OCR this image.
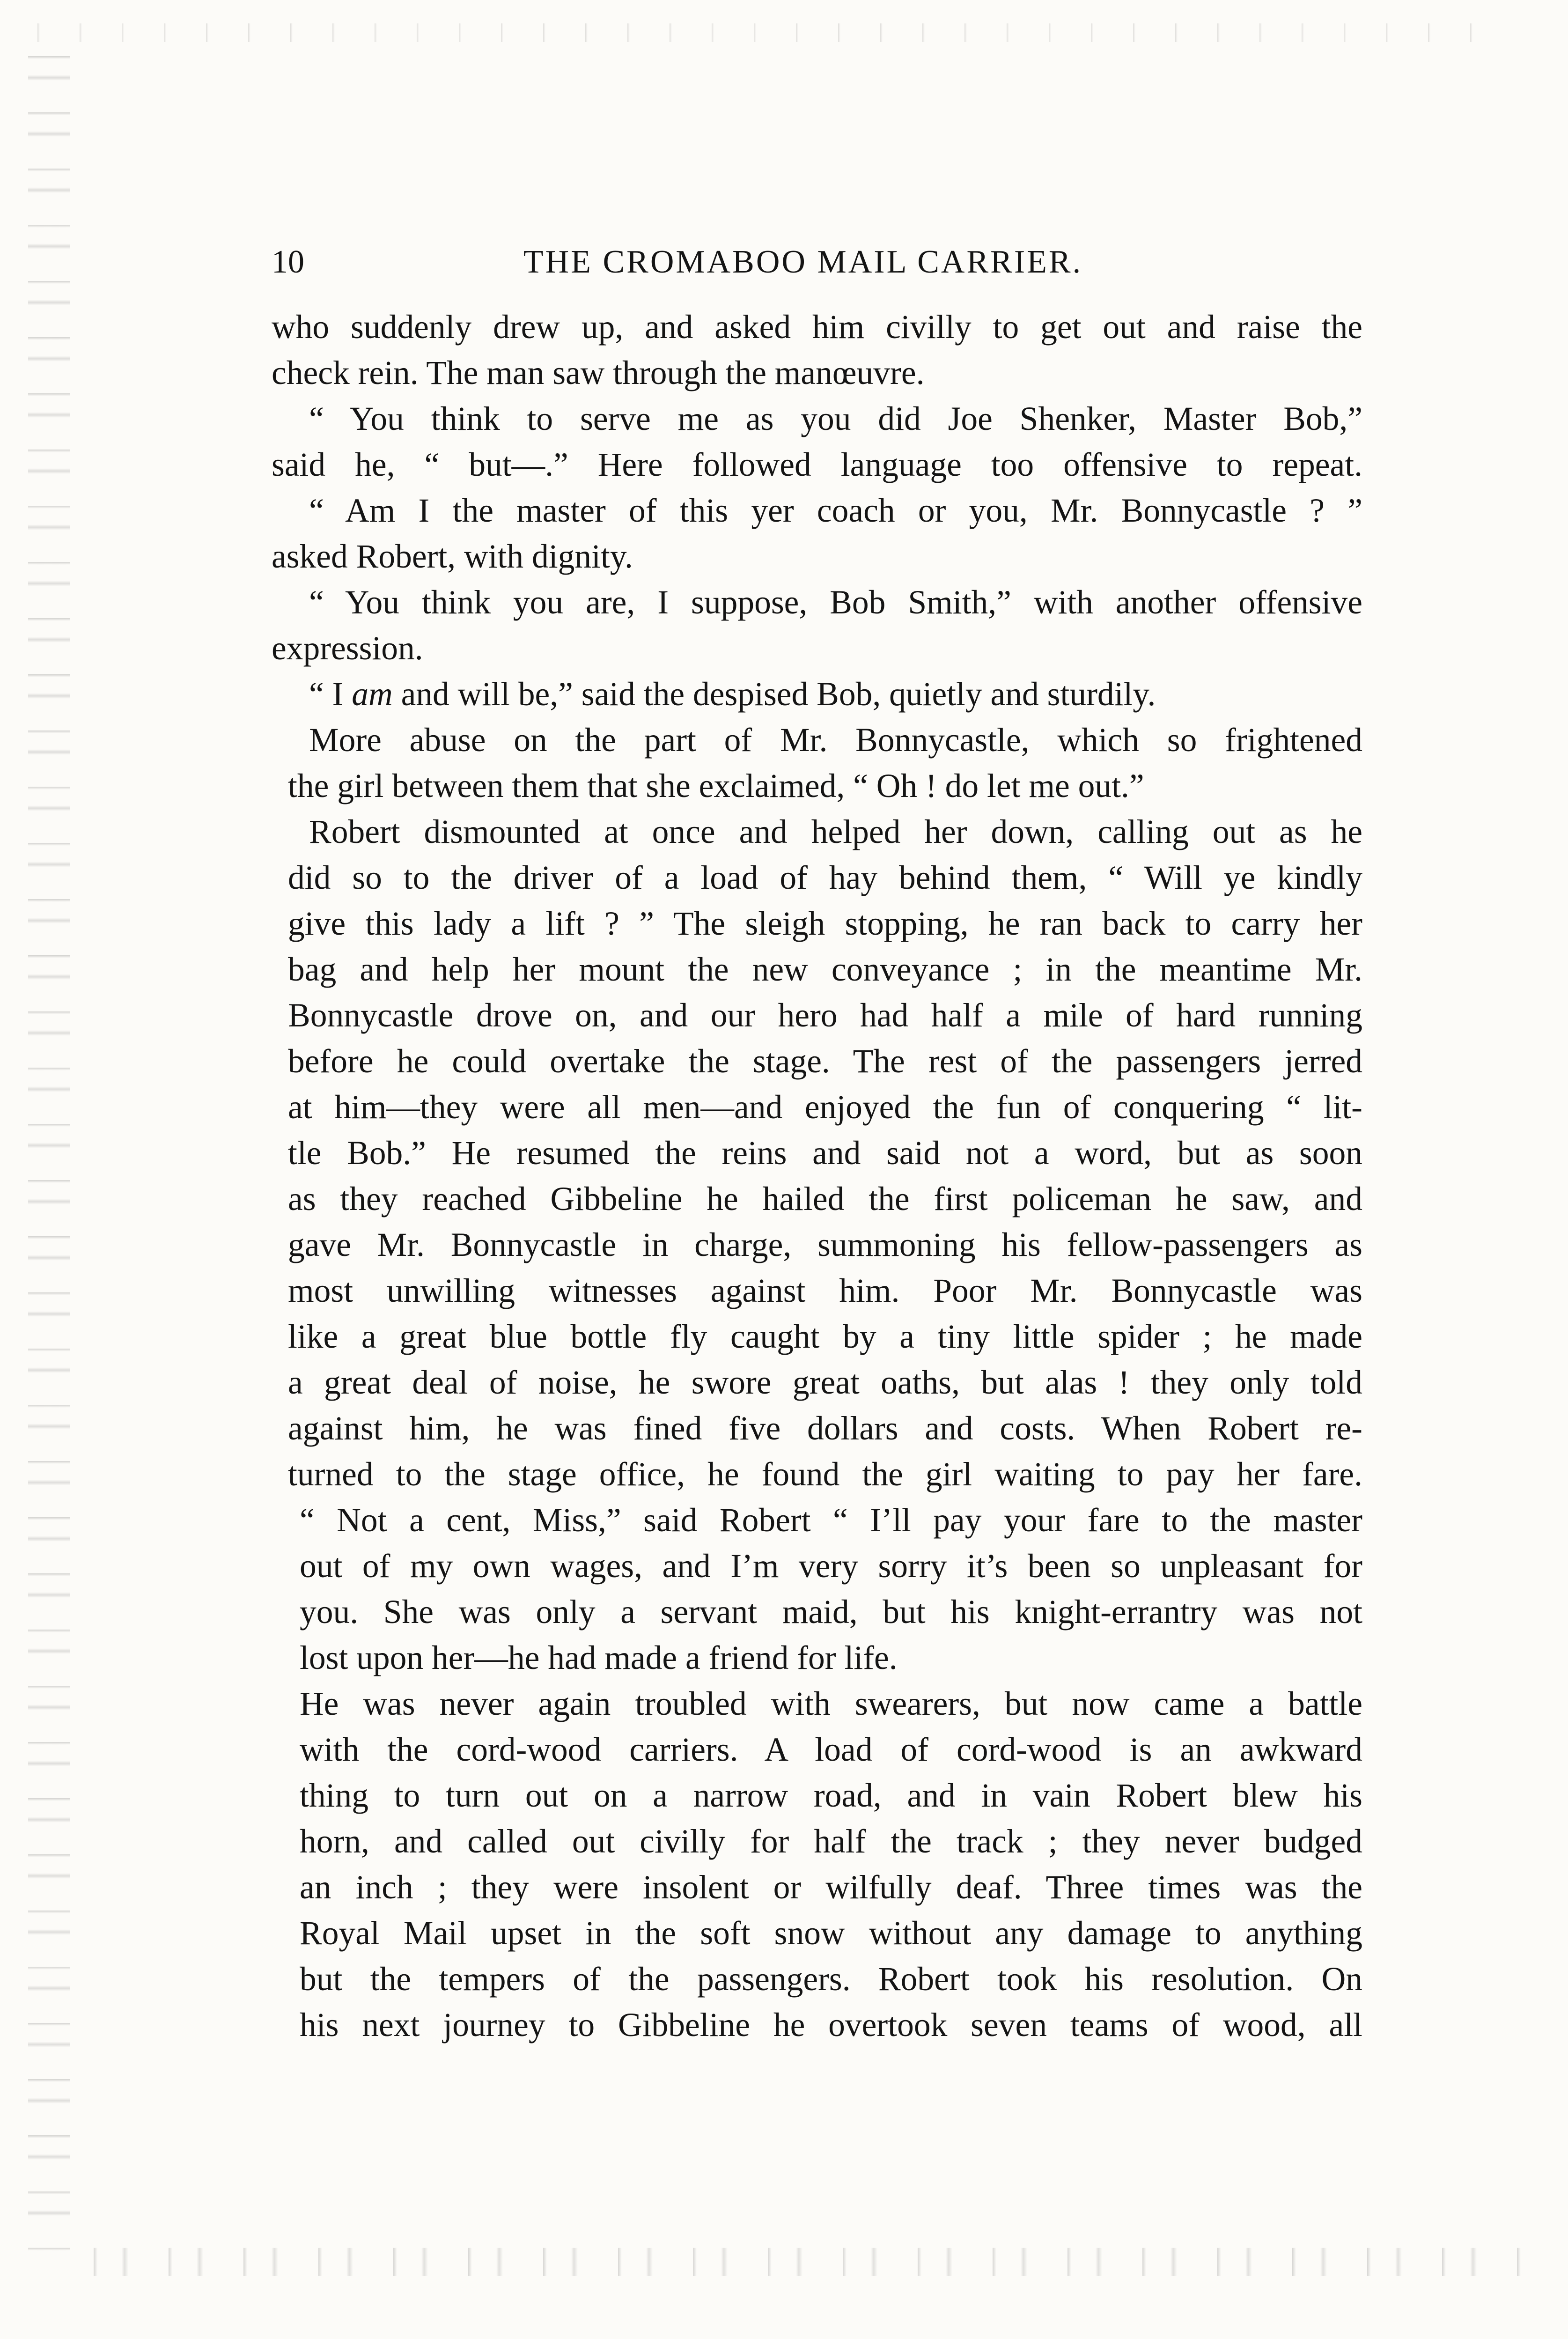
10	THE CROMABOO MAIL CARRIER.
who suddenly drew up, and asked him civilly to get out and raise the
check rein. The man saw through the manœuvre.
“ You think to serve me as you did Joe Shenker, Master Bob,”
said he, “ but—.” Here followed language too offensive to repeat.
“ Am I the master of this yer coach or you, Mr. Bonnycastle ? ”
asked Robert, with dignity.
“ You think you are, I suppose, Bob Smith,” with another offensive
expression.
“ I am and will be,” said the despised Bob, quietly and sturdily.
More abuse on the part of Mr. Bonnycastle, which so frightened
the girl between them that she exclaimed, “ Oh ! do let me out.”
Robert dismounted at once and helped her down, calling out as he
did so to the driver of a load of hay behind them, “ Will ye kindly
give this lady a lift ? ” The sleigh stopping, he ran back to carry her
bag and help her mount the new conveyance ; in the meantime Mr.
Bonnycastle drove on, and our hero had half a mile of hard running
before he could overtake the stage. The rest of the passengers jerred
at him—they were all men—and enjoyed the fun of conquering “ lit-
tle Bob.” He resumed the reins and said not a word, but as soon
as they reached Gibbeline he hailed the first policeman he saw, and
gave Mr. Bonnycastle in charge, summoning his fellow-passengers as
most unwilling witnesses against him. Poor Mr. Bonnycastle was
like a great blue bottle fly caught by a tiny little spider ; he made
a great deal of noise, he swore great oaths, but alas ! they only told
against him, he was fined five dollars and costs. When Robert re-
turned to the stage office, he found the girl waiting to pay her fare.
“ Not a cent, Miss,” said Robert “ I’ll pay your fare to the master
out of my own wages, and I’m very sorry it’s been so unpleasant for
you. She was only a servant maid, but his knight-errantry was not
lost upon her—he had made a friend for life.
He was never again troubled with swearers, but now came a battle
with the cord-wood carriers. A load of cord-wood is an awkward
thing to turn out on a narrow road, and in vain Robert blew his
horn, and called out civilly for half the track ; they never budged
an inch ; they were insolent or wilfully deaf. Three times was the
Royal Mail upset in the soft snow without any damage to anything
but the tempers of the passengers. Robert took his resolution. On
his next journey to Gibbeline he overtook seven teams of wood, all
